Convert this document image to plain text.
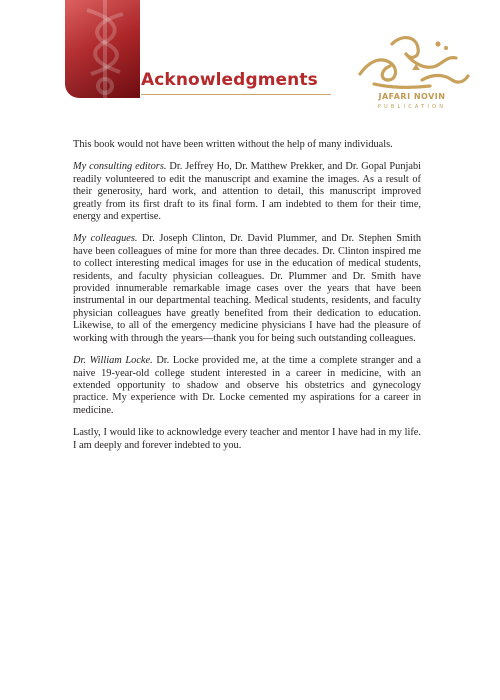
Acknowledgments
JAFARI NOVIN
PUBLICATION

This book would not have been written without the help of many individuals.

My consulting editors. Dr. Jeffrey Ho, Dr. Matthew Prekker, and Dr. Gopal Punjabi readily volunteered to edit the manuscript and examine the images. As a result of their generosity, hard work, and attention to detail, this manuscript improved greatly from its first draft to its final form. I am indebted to them for their time, energy and expertise.

My colleagues. Dr. Joseph Clinton, Dr. David Plummer, and Dr. Stephen Smith have been colleagues of mine for more than three decades. Dr. Clinton inspired me to collect interesting medical images for use in the education of medical students, residents, and faculty physician colleagues. Dr. Plummer and Dr. Smith have provided innumerable remarkable image cases over the years that have been instrumental in our departmental teaching. Medical students, residents, and faculty physician colleagues have greatly benefited from their dedication to education. Likewise, to all of the emergency medicine physicians I have had the pleasure of working with through the years—thank you for being such outstanding colleagues.

Dr. William Locke. Dr. Locke provided me, at the time a complete stranger and a naive 19-year-old college student interested in a career in medicine, with an extended opportunity to shadow and observe his obstetrics and gynecology practice. My experience with Dr. Locke cemented my aspirations for a career in medicine.

Lastly, I would like to acknowledge every teacher and mentor I have had in my life. I am deeply and forever indebted to you.
